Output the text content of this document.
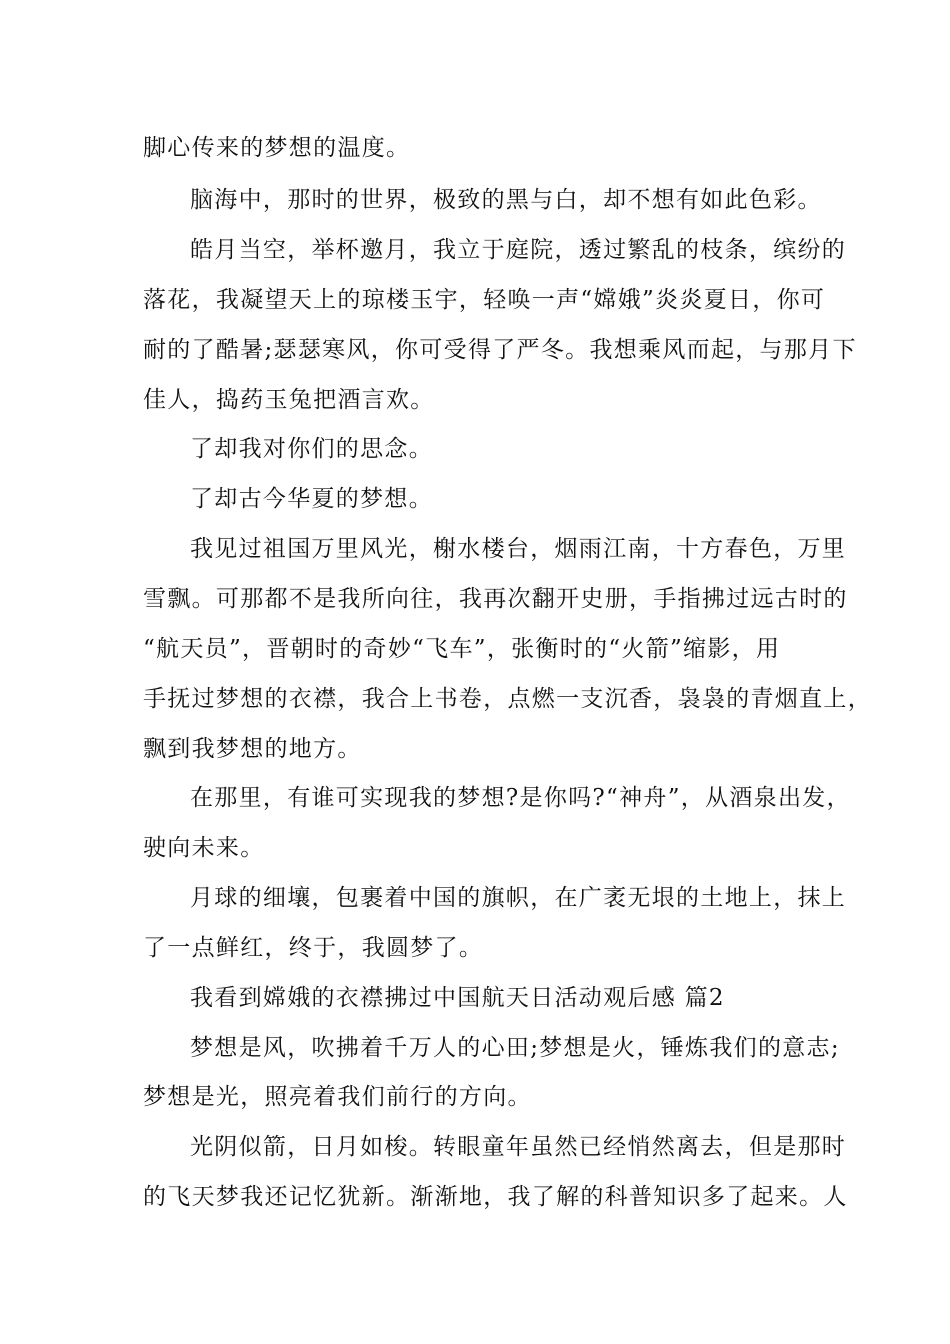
脚心传来的梦想的温度。
脑海中，那时的世界，极致的黑与白，却不想有如此色彩。
皓月当空，举杯邀月，我立于庭院，透过繁乱的枝条，缤纷的
落花，我凝望天上的琼楼玉宇，轻唤一声“嫦娥”炎炎夏日，你可
耐的了酷暑;瑟瑟寒风，你可受得了严冬。我想乘风而起，与那月下
佳人，捣药玉兔把酒言欢。
了却我对你们的思念。
了却古今华夏的梦想。
我见过祖国万里风光，榭水楼台，烟雨江南，十方春色，万里
雪飘。可那都不是我所向往，我再次翻开史册，手指拂过远古时的
“航天员”，晋朝时的奇妙“飞车”，张衡时的“火箭”缩影，用
手抚过梦想的衣襟，我合上书卷，点燃一支沉香，袅袅的青烟直上，
飘到我梦想的地方。
在那里，有谁可实现我的梦想?是你吗?“神舟”，从酒泉出发，
驶向未来。
月球的细壤，包裹着中国的旗帜，在广袤无垠的土地上，抹上
了一点鲜红，终于，我圆梦了。
我看到嫦娥的衣襟拂过中国航天日活动观后感 篇2
梦想是风，吹拂着千万人的心田;梦想是火，锤炼我们的意志;
梦想是光，照亮着我们前行的方向。
光阴似箭，日月如梭。转眼童年虽然已经悄然离去，但是那时
的飞天梦我还记忆犹新。渐渐地，我了解的科普知识多了起来。人
